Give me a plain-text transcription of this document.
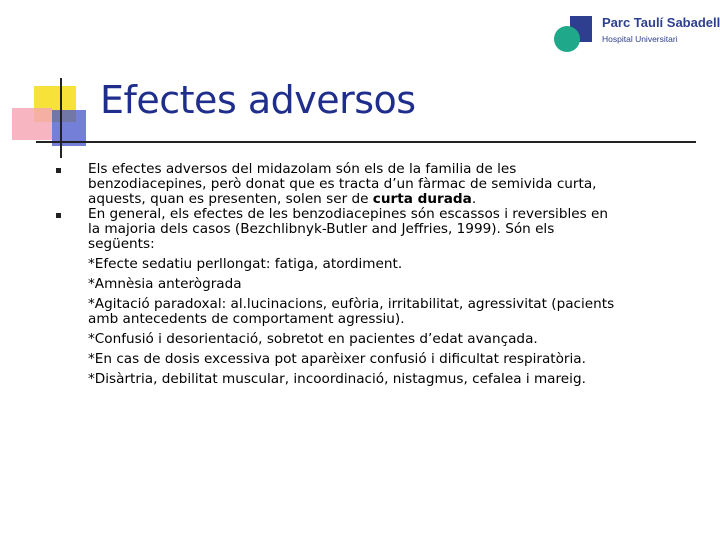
Parc Taulí Sabadell
Hospital Universitari
Efectes adversos
Els efectes adversos del midazolam són els de la familia de les
benzodiacepines, però donat que es tracta d’un fàrmac de semivida curta,
aquests, quan es presenten, solen ser de curta durada.
En general, els efectes de les benzodiacepines són escassos i reversibles en
la majoria dels casos (Bezchlibnyk-Butler and Jeffries, 1999). Són els
següents:
*Efecte sedatiu perllongat: fatiga, atordiment.
*Amnèsia anterògrada
*Agitació paradoxal: al.lucinacions, eufòria, irritabilitat, agressivitat (pacients
amb antecedents de comportament agressiu).
*Confusió i desorientació, sobretot en pacientes d’edat avançada.
*En cas de dosis excessiva pot aparèixer confusió i dificultat respiratòria.
*Disàrtria, debilitat muscular, incoordinació, nistagmus, cefalea i mareig.
